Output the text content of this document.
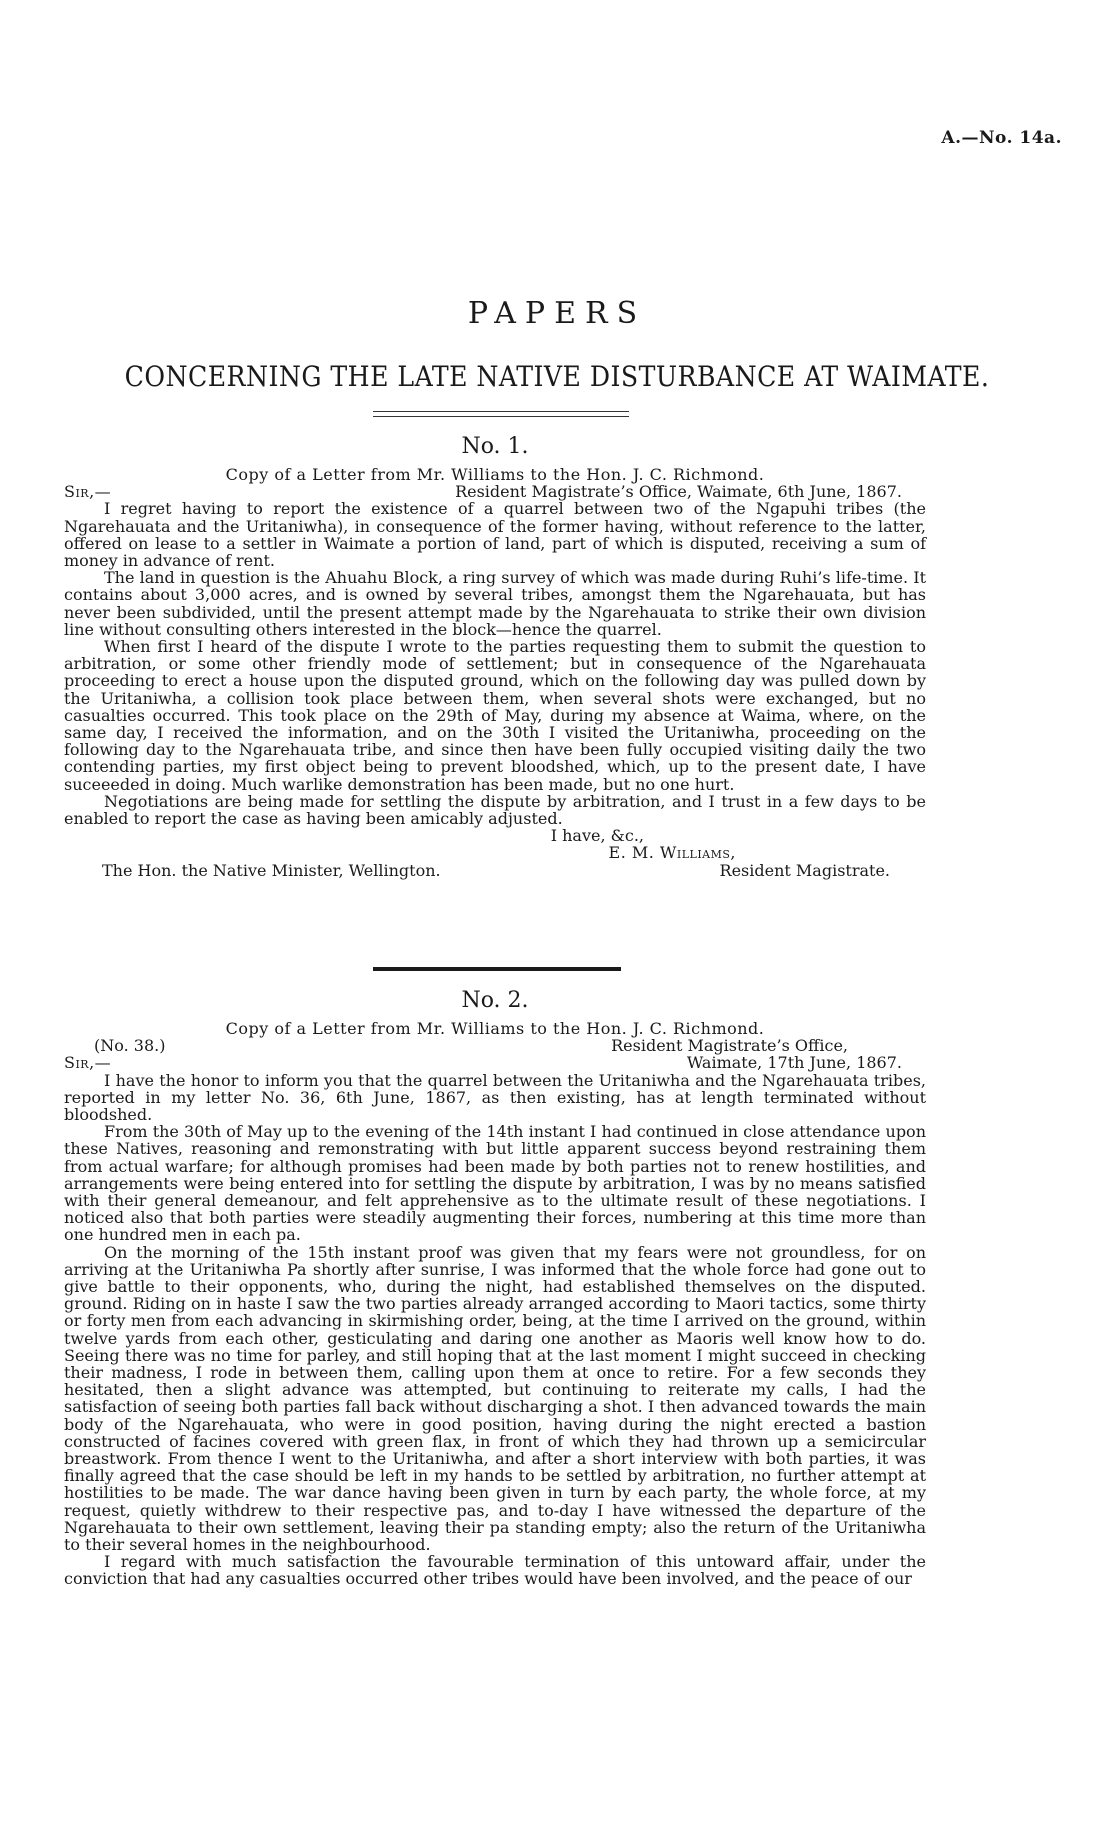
A.—No. 14a.
PAPERS
CONCERNING THE LATE NATIVE DISTURBANCE AT WAIMATE.
No. 1.
Copy of a Letter from Mr. Williams to the Hon. J. C. Richmond.
Sir,—	Resident Magistrate’s Office, Waimate, 6th June, 1867.

I regret having to report the existence of a quarrel between two of the Ngapuhi tribes (the Ngarehauata and the Uritaniwha), in consequence of the former having, without reference to the latter, offered on lease to a settler in Waimate a portion of land, part of which is disputed, receiving a sum of money in advance of rent.

The land in question is the Ahuahu Block, a ring survey of which was made during Ruhi’s life-time. It contains about 3,000 acres, and is owned by several tribes, amongst them the Ngarehauata, but has never been subdivided, until the present attempt made by the Ngarehauata to strike their own division line without consulting others interested in the block—hence the quarrel.

When first I heard of the dispute I wrote to the parties requesting them to submit the question to arbitration, or some other friendly mode of settlement; but in consequence of the Ngarehauata proceeding to erect a house upon the disputed ground, which on the following day was pulled down by the Uritaniwha, a collision took place between them, when several shots were exchanged, but no casualties occurred. This took place on the 29th of May, during my absence at Waima, where, on the same day, I received the information, and on the 30th I visited the Uritaniwha, proceeding on the following day to the Ngarehauata tribe, and since then have been fully occupied visiting daily the two contending parties, my first object being to prevent bloodshed, which, up to the present date, I have suceeeded in doing. Much warlike demonstration has been made, but no one hurt.

Negotiations are being made for settling the dispute by arbitration, and I trust in a few days to be enabled to report the case as having been amicably adjusted.

I have, &c.,
E. M. Williams,
The Hon. the Native Minister, Wellington.	Resident Magistrate.
No. 2.
Copy of a Letter from Mr. Williams to the Hon. J. C. Richmond.
(No. 38.)	Resident Magistrate’s Office,
Sir,—	Waimate, 17th June, 1867.

I have the honor to inform you that the quarrel between the Uritaniwha and the Ngarehauata tribes, reported in my letter No. 36, 6th June, 1867, as then existing, has at length terminated without bloodshed.

From the 30th of May up to the evening of the 14th instant I had continued in close attendance upon these Natives, reasoning and remonstrating with but little apparent success beyond restraining them from actual warfare; for although promises had been made by both parties not to renew hostilities, and arrangements were being entered into for settling the dispute by arbitration, I was by no means satisfied with their general demeanour, and felt apprehensive as to the ultimate result of these negotiations. I noticed also that both parties were steadily augmenting their forces, numbering at this time more than one hundred men in each pa.

On the morning of the 15th instant proof was given that my fears were not groundless, for on arriving at the Uritaniwha Pa shortly after sunrise, I was informed that the whole force had gone out to give battle to their opponents, who, during the night, had established themselves on the disputed. ground. Riding on in haste I saw the two parties already arranged according to Maori tactics, some thirty or forty men from each advancing in skirmishing order, being, at the time I arrived on the ground, within twelve yards from each other, gesticulating and daring one another as Maoris well know how to do. Seeing there was no time for parley, and still hoping that at the last moment I might succeed in checking their madness, I rode in between them, calling upon them at once to retire. For a few seconds they hesitated, then a slight advance was attempted, but continuing to reiterate my calls, I had the satisfaction of seeing both parties fall back without discharging a shot. I then advanced towards the main body of the Ngarehauata, who were in good position, having during the night erected a bastion constructed of facines covered with green flax, in front of which they had thrown up a semicircular breastwork. From thence I went to the Uritaniwha, and after a short interview with both parties, it was finally agreed that the case should be left in my hands to be settled by arbitration, no further attempt at hostilities to be made. The war dance having been given in turn by each party, the whole force, at my request, quietly withdrew to their respective pas, and to-day I have witnessed the departure of the Ngarehauata to their own settlement, leaving their pa standing empty; also the return of the Uritaniwha to their several homes in the neighbourhood.

I regard with much satisfaction the favourable termination of this untoward affair, under the conviction that had any casualties occurred other tribes would have been involved, and the peace of our
